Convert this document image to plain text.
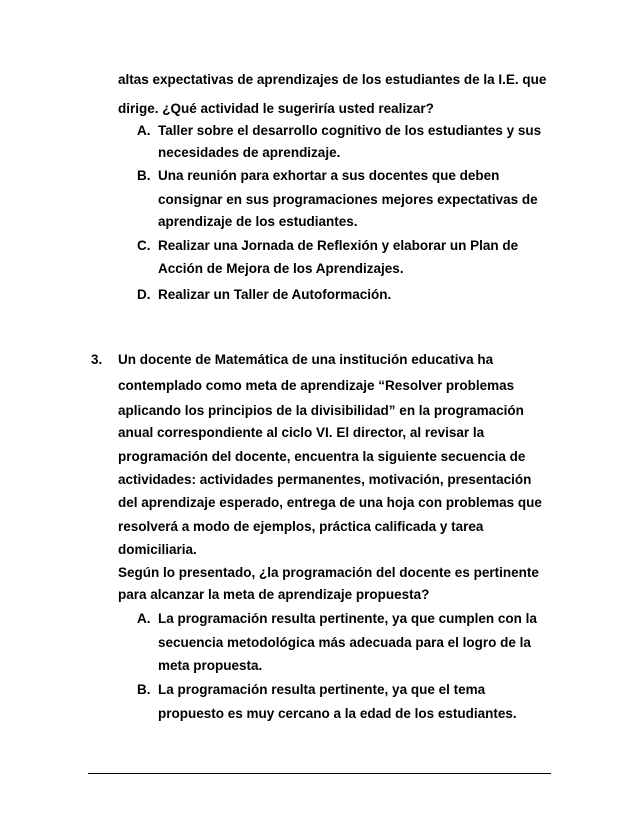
altas expectativas de aprendizajes de los estudiantes de la I.E. que
dirige. ¿Qué actividad le sugeriría usted realizar?
A. Taller sobre el desarrollo cognitivo de los estudiantes y sus
necesidades de aprendizaje.
B. Una reunión para exhortar a sus docentes que deben
consignar en sus programaciones mejores expectativas de
aprendizaje de los estudiantes.
C. Realizar una Jornada de Reflexión y elaborar un Plan de
Acción de Mejora de los Aprendizajes.
D. Realizar un Taller de Autoformación.
3. Un docente de Matemática de una institución educativa ha
contemplado como meta de aprendizaje “Resolver problemas
aplicando los principios de la divisibilidad” en la programación
anual correspondiente al ciclo VI. El director, al revisar la
programación del docente, encuentra la siguiente secuencia de
actividades: actividades permanentes, motivación, presentación
del aprendizaje esperado, entrega de una hoja con problemas que
resolverá a modo de ejemplos, práctica calificada y tarea
domiciliaria.
Según lo presentado, ¿la programación del docente es pertinente
para alcanzar la meta de aprendizaje propuesta?
A. La programación resulta pertinente, ya que cumplen con la
secuencia metodológica más adecuada para el logro de la
meta propuesta.
B. La programación resulta pertinente, ya que el tema
propuesto es muy cercano a la edad de los estudiantes.
